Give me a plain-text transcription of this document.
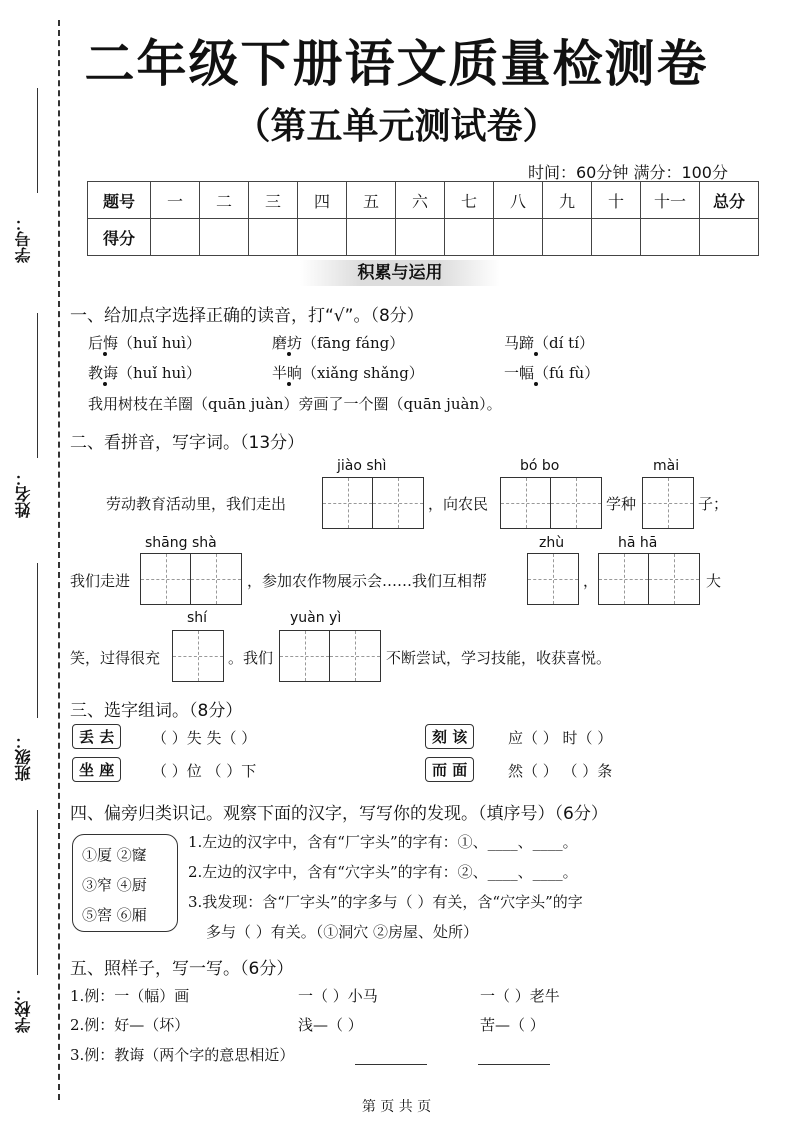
学号：
姓名：
班级：
学校：
二年级下册语文质量检测卷
（第五单元测试卷）
时间：60分钟 满分：100分
题号	一	二	三	四	五	六	七	八	九	十	十一	总分
得分												
积累与运用
一、给加点字选择正确的读音，打“√”。（8分）
后悔（huǐ huì）	磨坊（fāng fáng）	马蹄（dí tí）
教诲（huǐ huì）	半晌（xiǎng shǎng）	一幅（fú fù）
我用树枝在羊圈（quān juàn）旁画了一个圈（quān juàn）。
二、看拼音，写字词。（13分）
jiào shì	bó bo	mài
劳动教育活动里，我们走出	，向农民	学种	子；
shāng shà	zhù	hā hā
我们走进	，参加农作物展示会……我们互相帮	，	大
shí	yuàn yì
笑，过得很充	。我们	不断尝试，学习技能，收获喜悦。
三、选字组词。（8分）
丢 去	（ ）失 失（ ）	刻 该	应（ ） 时（ ）
坐 座	（ ）位 （ ）下	而 面	然（ ） （ ）条
四、偏旁归类识记。观察下面的汉字，写写你的发现。（填序号）（6分）
①厦 ②窿
③窄 ④厨
⑤窖 ⑥厢
1.左边的汉字中，含有“厂字头”的字有：①、____、____。
2.左边的汉字中，含有“穴字头”的字有：②、____、____。
3.我发现：含“厂字头”的字多与（ ）有关，含“穴字头”的字
多与（ ）有关。（①洞穴 ②房屋、处所）
五、照样子，写一写。（6分）
1.例：一（幅）画	一（ ）小马	一（ ）老牛
2.例：好—（坏）	浅—（ ）	苦—（ ）
3.例：教诲（两个字的意思相近）
第 页 共 页
